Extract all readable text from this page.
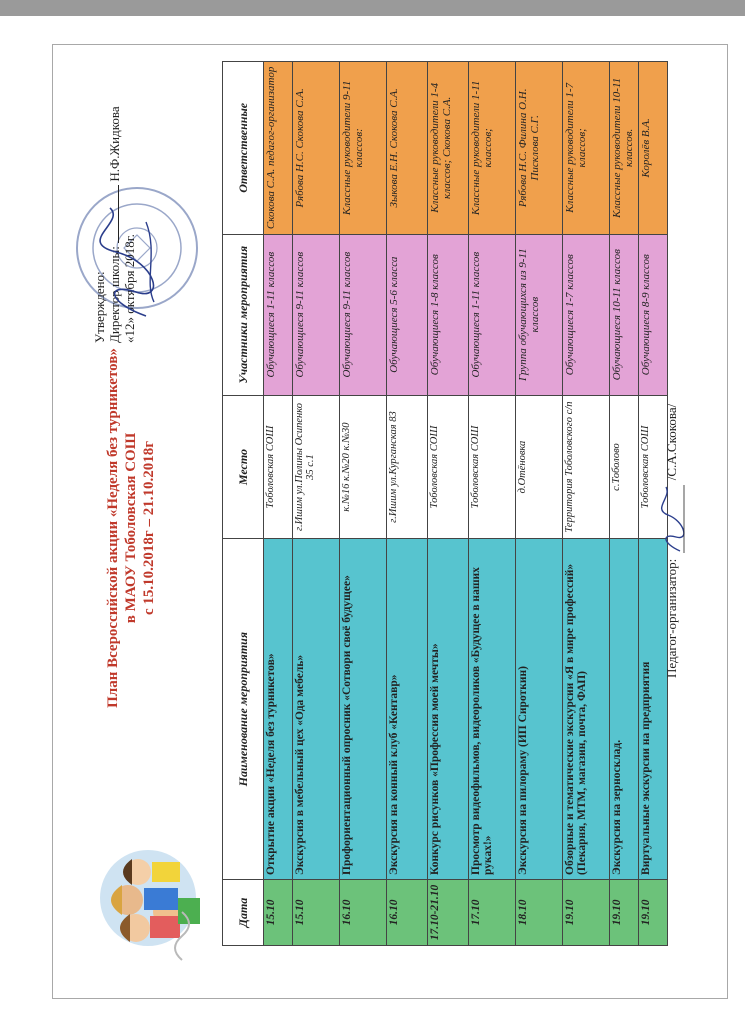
План Всероссийской акции «Неделя без турникетов» в МАОУ Тоболовская СОШ с 15.10.2018г – 21.10.2018г
Утверждено: Директор школы:  Н.Ф.Жидкова
«12» октября 2018г.
Дата	Наименование мероприятия	Место	Участники мероприятия	Ответственные
15.10	Открытие акции «Неделя без турникетов»	Тоболовская СОШ	Обучающиеся 1-11 классов	Скокова С.А. педагог-организатор
15.10	Экскурсия в мебельный цех «Ода мебель»	г.Ишим ул.Полины Осипенко 35 с.1	Обучающиеся 9-11 классов	Рябова Н.С. Скокова С.А.
16.10	Профориентационный опросник «Сотвори своё будущее»	к.№16 к.№20 к.№30	Обучающиеся 9-11 классов	Классные руководители 9-11 классов:
16.10	Экскурсия на конный клуб «Кентавр»	г.Ишим ул.Курганская 83	Обучающиеся 5-6 класса	Зыкова Е.Н. Скокова С.А.
17.10-21.10	Конкурс рисунков «Профессия моей мечты»	Тоболовская СОШ	Обучающиеся 1-8 классов	Классные руководители 1-4 классов; Скокова С.А.
17.10	Просмотр видеофильмов, видеороликов «Будущее в наших руках!»	Тоболовская СОШ	Обучающиеся 1-11 классов	Классные руководители 1-11 классов;
18.10	Экскурсия на пилораму (ИП Сироткин)	д.Отёновка	Группа обучающихся из 9-11 классов	Рябова Н.С. Филина О.Н. Писклова С.Г.
19.10	Обзорные и тематические экскурсии «Я в мире профессий» (Пекарня, МТМ, магазин, почта, ФАП)	Территория Тоболовского с/п	Обучающиеся 1-7 классов	Классные руководители 1-7 классов;
19.10	Экскурсия на зерносклад.	с.Тоболово	Обучающиеся 10-11 классов	Классные руководители 10-11 классов.
19.10	Виртуальные экскурсии на предприятия	Тоболовская СОШ	Обучающиеся 8-9 классов	Королёв В.А.
Педагог-организатор:  /С.А.Скокова/
